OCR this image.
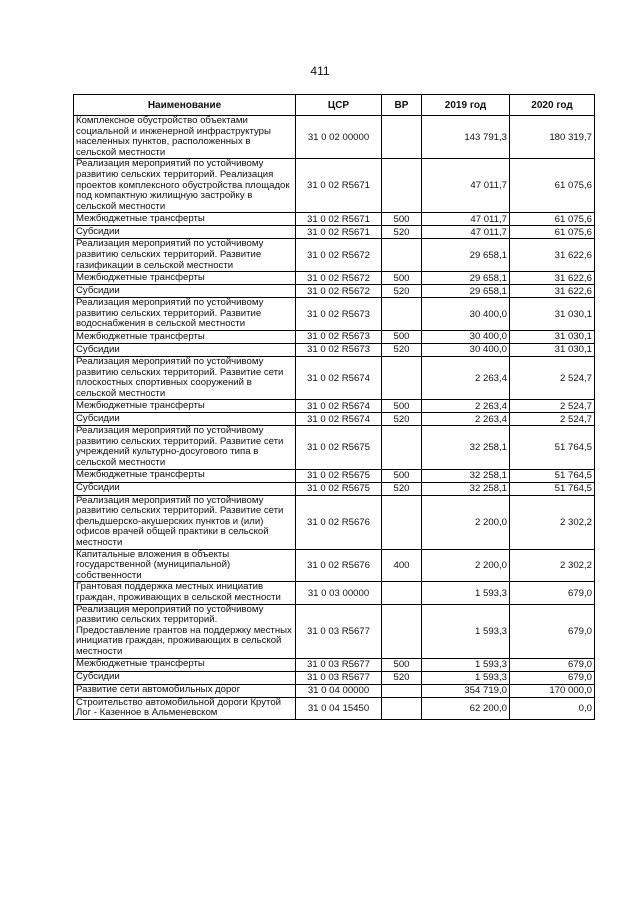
411
Наименование	ЦСР	ВР	2019 год	2020 год
Комплексное обустройство объектами социальной и инженерной инфраструктуры населенных пунктов, расположенных в сельской местности	31 0 02 00000		143 791,3	180 319,7
Реализация мероприятий по устойчивому развитию сельских территорий. Реализация проектов комплексного обустройства площадок под компактную жилищную застройку в сельской местности	31 0 02 R5671		47 011,7	61 075,6
Межбюджетные трансферты	31 0 02 R5671	500	47 011,7	61 075,6
Субсидии	31 0 02 R5671	520	47 011,7	61 075,6
Реализация мероприятий по устойчивому развитию сельских территорий. Развитие газификации в сельской местности	31 0 02 R5672		29 658,1	31 622,6
Межбюджетные трансферты	31 0 02 R5672	500	29 658,1	31 622,6
Субсидии	31 0 02 R5672	520	29 658,1	31 622,6
Реализация мероприятий по устойчивому развитию сельских территорий. Развитие водоснабжения в сельской местности	31 0 02 R5673		30 400,0	31 030,1
Межбюджетные трансферты	31 0 02 R5673	500	30 400,0	31 030,1
Субсидии	31 0 02 R5673	520	30 400,0	31 030,1
Реализация мероприятий по устойчивому развитию сельских территорий. Развитие сети плоскостных спортивных сооружений в сельской местности	31 0 02 R5674		2 263,4	2 524,7
Межбюджетные трансферты	31 0 02 R5674	500	2 263,4	2 524,7
Субсидии	31 0 02 R5674	520	2 263,4	2 524,7
Реализация мероприятий по устойчивому развитию сельских территорий. Развитие сети учреждений культурно-досугового типа в сельской местности	31 0 02 R5675		32 258,1	51 764,5
Межбюджетные трансферты	31 0 02 R5675	500	32 258,1	51 764,5
Субсидии	31 0 02 R5675	520	32 258,1	51 764,5
Реализация мероприятий по устойчивому развитию сельских территорий. Развитие сети фельдшерско-акушерских пунктов и (или) офисов врачей общей практики в сельской местности	31 0 02 R5676		2 200,0	2 302,2
Капитальные вложения в объекты государственной (муниципальной) собственности	31 0 02 R5676	400	2 200,0	2 302,2
Грантовая поддержка местных инициатив граждан, проживающих в сельской местности	31 0 03 00000		1 593,3	679,0
Реализация мероприятий по устойчивому развитию сельских территорий. Предоставление грантов на поддержку местных инициатив граждан, проживающих в сельской местности	31 0 03 R5677		1 593,3	679,0
Межбюджетные трансферты	31 0 03 R5677	500	1 593,3	679,0
Субсидии	31 0 03 R5677	520	1 593,3	679,0
Развитие сети автомобильных дорог	31 0 04 00000		354 719,0	170 000,0
Строительство автомобильной дороги Крутой Лог - Казенное в Альменевском	31 0 04 15450		62 200,0	0,0
